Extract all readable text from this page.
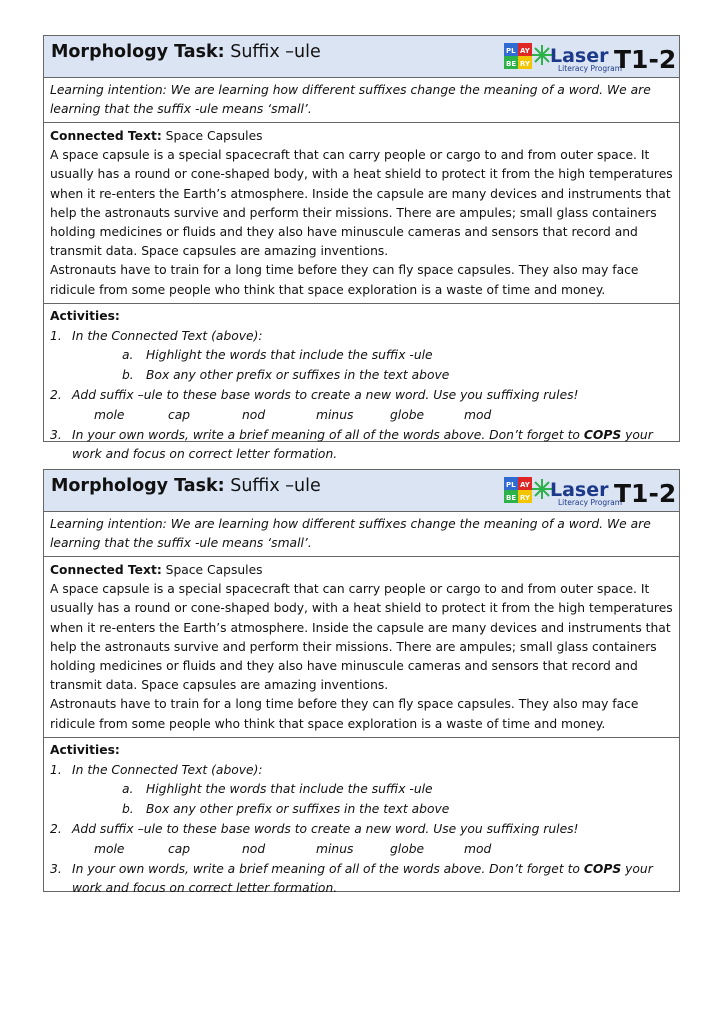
Morphology Task: Suffix –ule	PL AY
BE RY Laser
Literacy Program
T1-2
Learning intention: We are learning how different suffixes change the meaning of a word. We are learning that the suffix -ule means ‘small’.

Connected Text: Space Capsules

A space capsule is a special spacecraft that can carry people or cargo to and from outer space. It usually has a round or cone-shaped body, with a heat shield to protect it from the high temperatures when it re-enters the Earth’s atmosphere. Inside the capsule are many devices and instruments that help the astronauts survive and perform their missions. There are ampules; small glass containers holding medicines or fluids and they also have minuscule cameras and sensors that record and transmit data. Space capsules are amazing inventions.

Astronauts have to train for a long time before they can fly space capsules. They also may face ridicule from some people who think that space exploration is a waste of time and money.

Activities:
1. In the Connected Text (above):
a.	Highlight the words that include the suffix -ule
b. Box any other prefix or suffixes in the text above
2. Add suffix –ule to these base words to create a new word. Use you suffixing rules!
mole	cap	nod	minus	globe	mod
3. In your own words, write a brief meaning of all of the words above. Don’t forget to COPS your
work and focus on correct letter formation.
Morphology Task: Suffix –ule	PL AY
BE RY Laser
Literacy Program
T1-2
Learning intention: We are learning how different suffixes change the meaning of a word. We are learning that the suffix -ule means ‘small’.

Connected Text: Space Capsules

A space capsule is a special spacecraft that can carry people or cargo to and from outer space. It usually has a round or cone-shaped body, with a heat shield to protect it from the high temperatures when it re-enters the Earth’s atmosphere. Inside the capsule are many devices and instruments that help the astronauts survive and perform their missions. There are ampules; small glass containers holding medicines or fluids and they also have minuscule cameras and sensors that record and transmit data. Space capsules are amazing inventions.

Astronauts have to train for a long time before they can fly space capsules. They also may face ridicule from some people who think that space exploration is a waste of time and money.

Activities:
1. In the Connected Text (above):
a.	Highlight the words that include the suffix -ule
b. Box any other prefix or suffixes in the text above
2. Add suffix –ule to these base words to create a new word. Use you suffixing rules!
mole	cap	nod	minus	globe	mod
3. In your own words, write a brief meaning of all of the words above. Don’t forget to COPS your
work and focus on correct letter formation.
